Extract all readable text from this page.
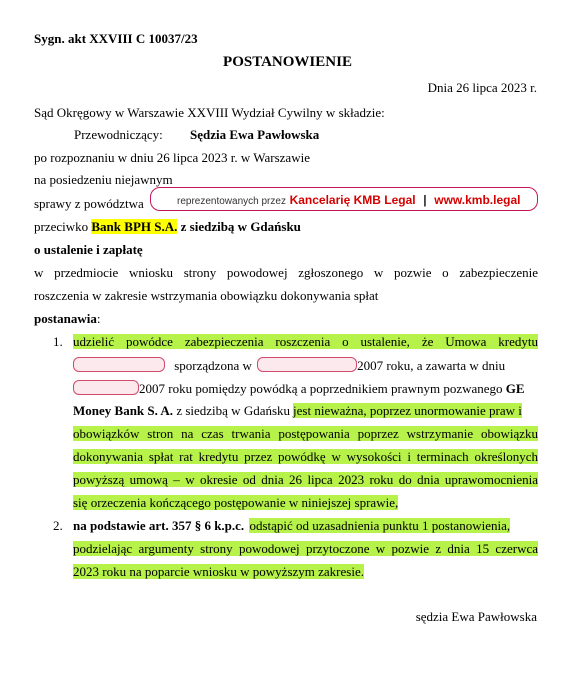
Sygn. akt XXVIII C 10037/23
POSTANOWIENIE
Dnia 26 lipca 2023 r.
Sąd Okręgowy w Warszawie XXVIII Wydział Cywilny w składzie:
Przewodniczący: Sędzia Ewa Pawłowska
po rozpoznaniu w dniu 26 lipca 2023 r. w Warszawie
na posiedzeniu niejawnym
sprawy z powództwa	reprezentowanych przez Kancelarię KMB Legal | www.kmb.legal
przeciwko Bank BPH S.A. z siedzibą w Gdańsku
o ustalenie i zapłatę
w przedmiocie wniosku strony powodowej zgłoszonego w pozwie o zabezpieczenie
roszczenia w zakresie wstrzymania obowiązku dokonywania spłat
postanawia:
1. udzielić powódce zabezpieczenia roszczenia o ustalenie, że Umowa kredytu
sporządzona w	2007 roku, a zawarta w dniu
2007 roku pomiędzy powódką a poprzednikiem prawnym pozwanego GE
Money Bank S. A. z siedzibą w Gdańsku jest nieważna, poprzez unormowanie praw i
obowiązków stron na czas trwania postępowania poprzez wstrzymanie obowiązku
dokonywania spłat rat kredytu przez powódkę w wysokości i terminach określonych
powyższą umową – w okresie od dnia 26 lipca 2023 roku do dnia uprawomocnienia
się orzeczenia kończącego postępowanie w niniejszej sprawie,
2. na podstawie art. 357 § 6 k.p.c. odstąpić od uzasadnienia punktu 1 postanowienia,
podzielając argumenty strony powodowej przytoczone w pozwie z dnia 15 czerwca
2023 roku na poparcie wniosku w powyższym zakresie.
sędzia Ewa Pawłowska
